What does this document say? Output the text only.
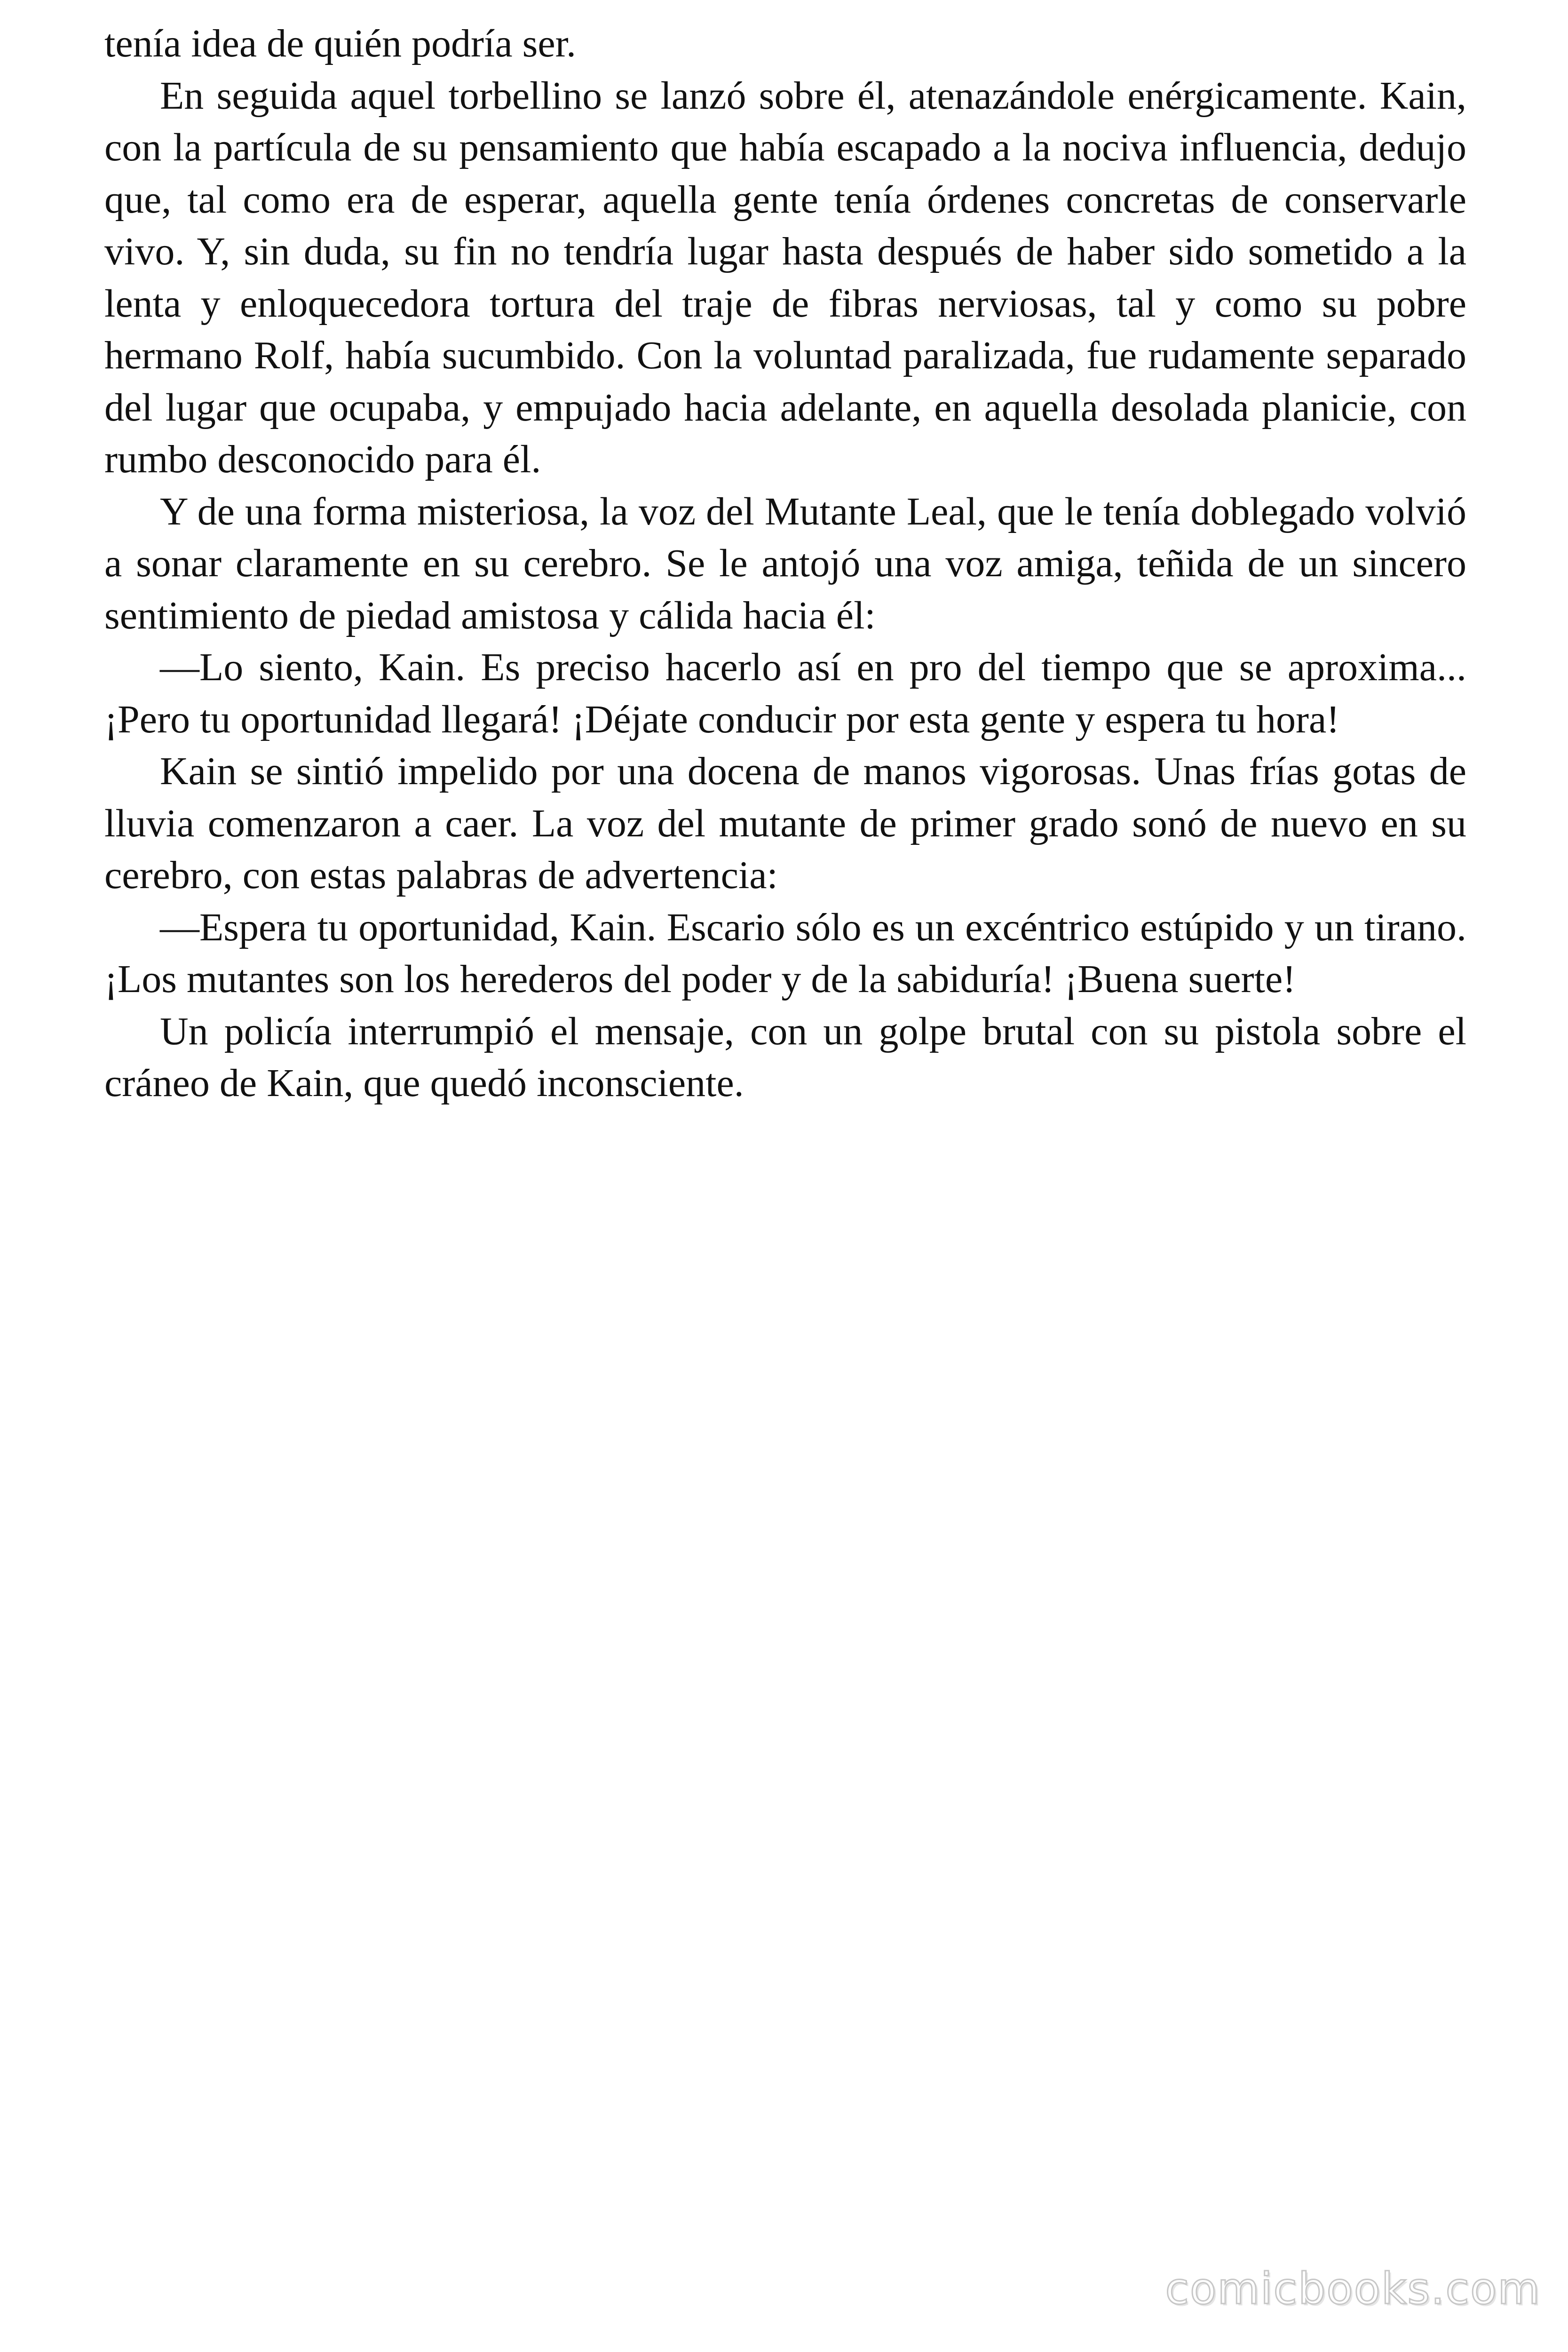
tenía idea de quién podría ser.

En seguida aquel torbellino se lanzó sobre él, atenazándole enérgicamente. Kain, con la partícula de su pensamiento que había escapado a la nociva influencia, dedujo que, tal como era de esperar, aquella gente tenía órdenes concretas de conservarle vivo. Y, sin duda, su fin no tendría lugar hasta después de haber sido sometido a la lenta y enloquecedora tortura del traje de fibras nerviosas, tal y como su pobre hermano Rolf, había sucumbido. Con la voluntad paralizada, fue rudamente separado del lugar que ocupaba, y empujado hacia adelante, en aquella desolada planicie, con rumbo desconocido para él.

Y de una forma misteriosa, la voz del Mutante Leal, que le tenía doblegado volvió a sonar claramente en su cerebro. Se le antojó una voz amiga, teñida de un sincero sentimiento de piedad amistosa y cálida hacia él:

—Lo siento, Kain. Es preciso hacerlo así en pro del tiempo que se aproxima... ¡Pero tu oportunidad llegará! ¡Déjate conducir por esta gente y espera tu hora!

Kain se sintió impelido por una docena de manos vigorosas. Unas frías gotas de lluvia comenzaron a caer. La voz del mutante de primer grado sonó de nuevo en su cerebro, con estas palabras de advertencia:

—Espera tu oportunidad, Kain. Escario sólo es un excéntrico estúpido y un tirano. ¡Los mutantes son los herederos del poder y de la sabiduría! ¡Buena suerte!

Un policía interrumpió el mensaje, con un golpe brutal con su pistola sobre el cráneo de Kain, que quedó inconsciente.

comicbooks.com
